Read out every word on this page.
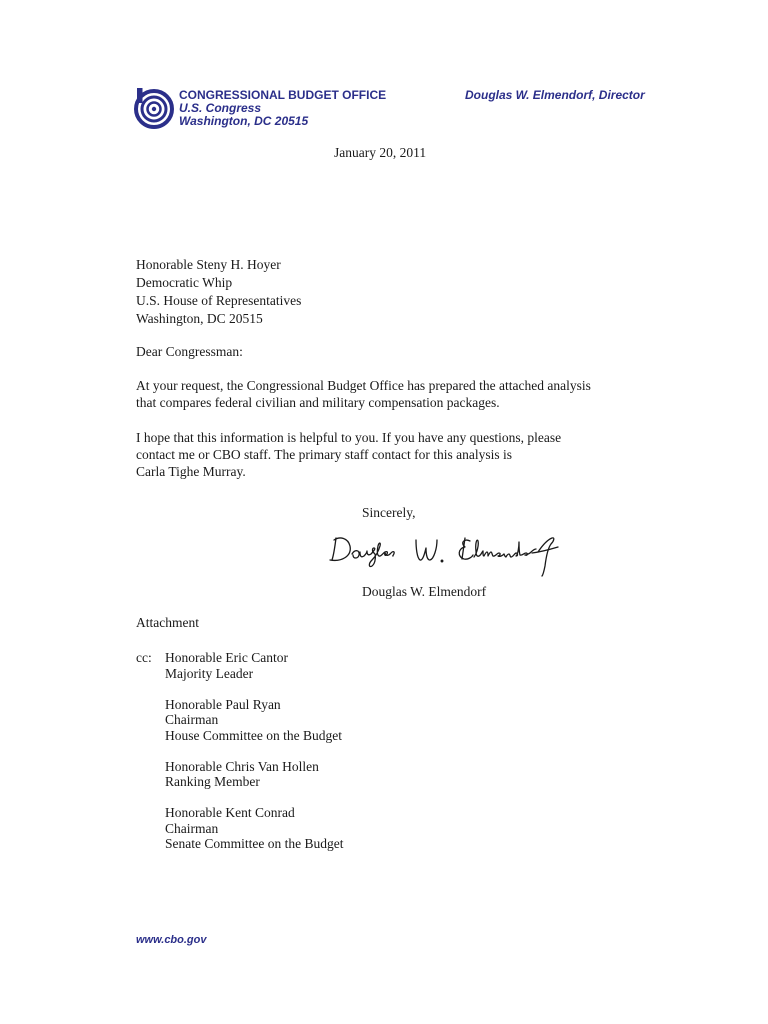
CONGRESSIONAL BUDGET OFFICE
U.S. Congress
Washington, DC 20515
Douglas W. Elmendorf, Director
January 20, 2011
Honorable Steny H. Hoyer
Democratic Whip
U.S. House of Representatives
Washington, DC 20515
Dear Congressman:
At your request, the Congressional Budget Office has prepared the attached analysis
that compares federal civilian and military compensation packages.
I hope that this information is helpful to you. If you have any questions, please
contact me or CBO staff. The primary staff contact for this analysis is
Carla Tighe Murray.
Sincerely,
Douglas W. Elmendorf
Douglas W. Elmendorf
Attachment
cc: Honorable Eric Cantor
Majority Leader
Honorable Paul Ryan
Chairman
House Committee on the Budget
Honorable Chris Van Hollen
Ranking Member
Honorable Kent Conrad
Chairman
Senate Committee on the Budget
www.cbo.gov
